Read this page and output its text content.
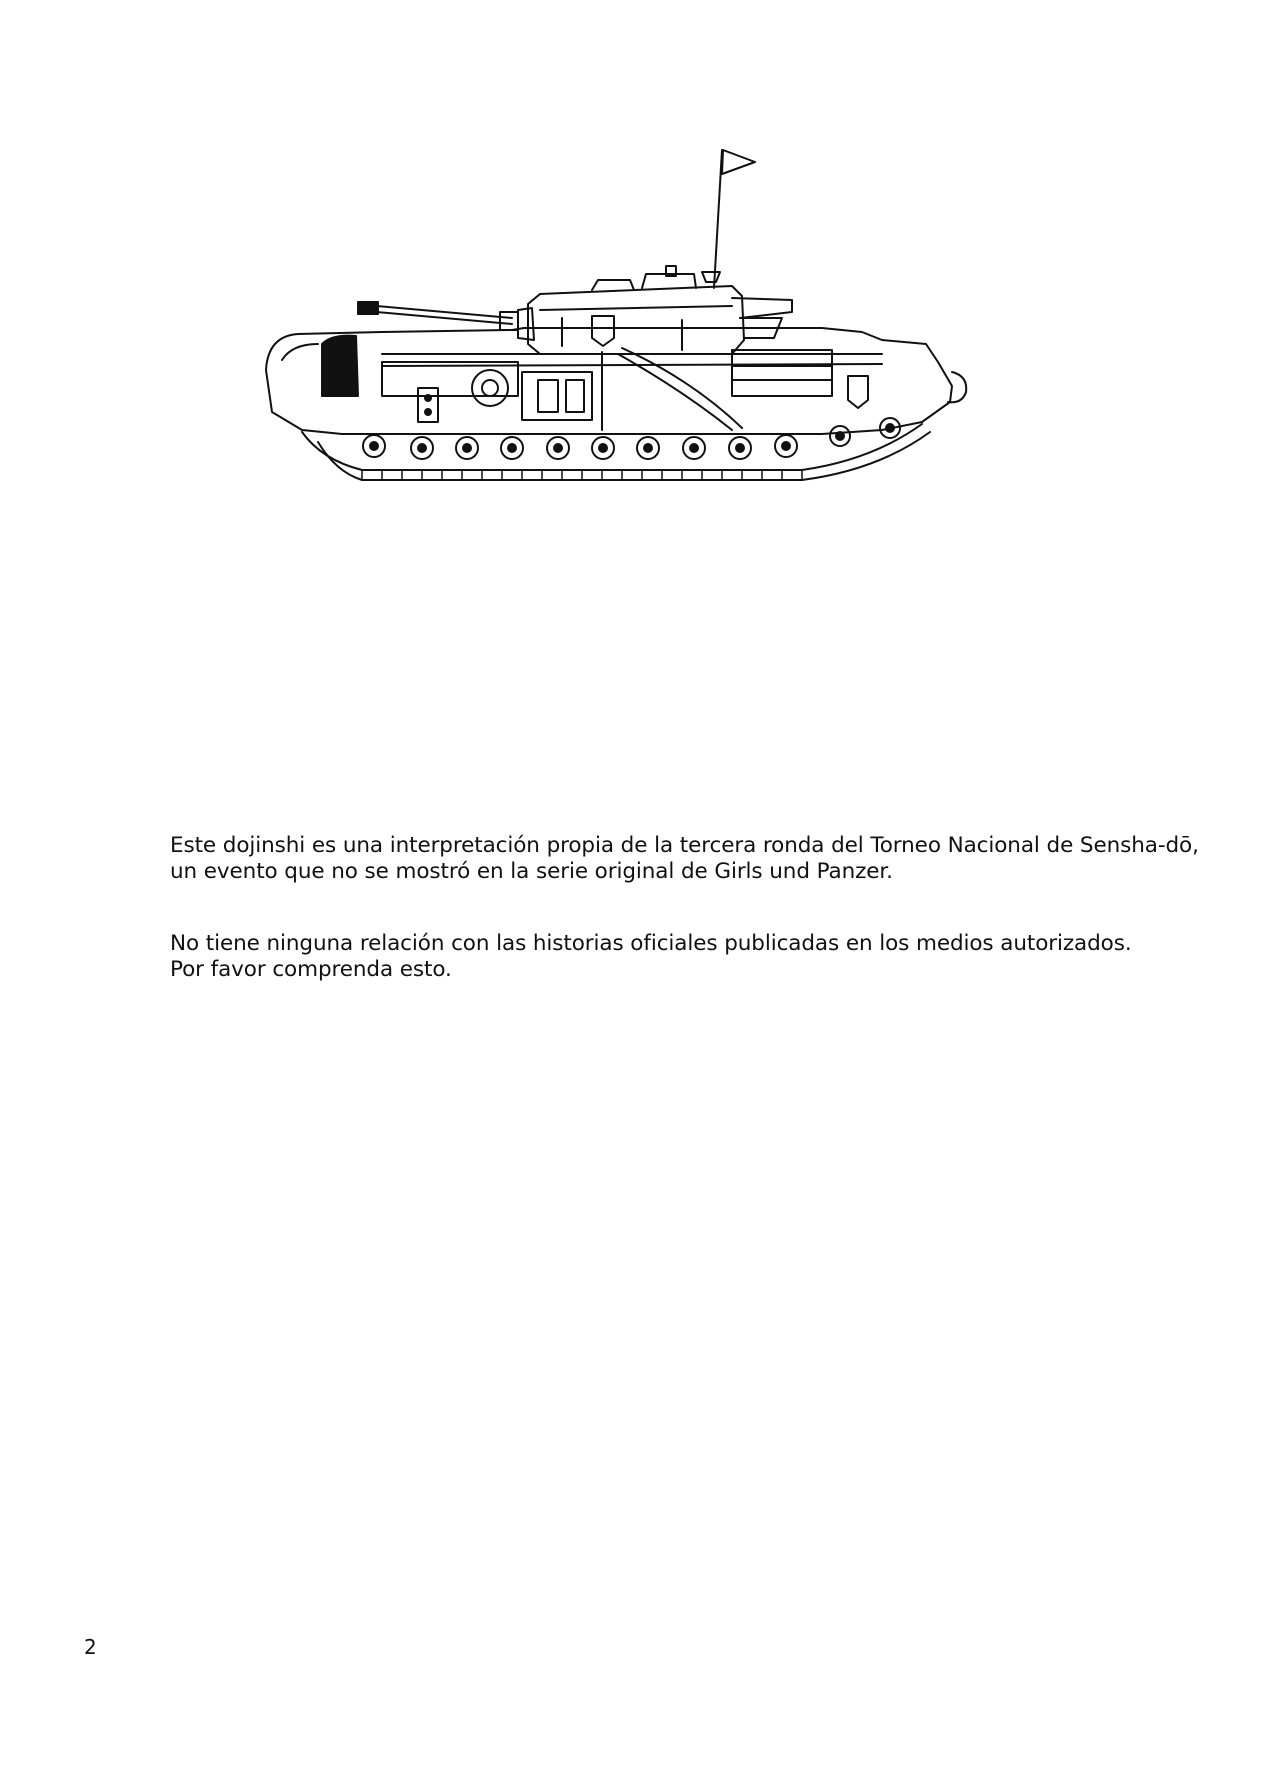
Este dojinshi es una interpretación propia de la tercera ronda del Torneo Nacional de Sensha-dō,
un evento que no se mostró en la serie original de Girls und Panzer.

No tiene ninguna relación con las historias oficiales publicadas en los medios autorizados.
Por favor comprenda esto.

2
